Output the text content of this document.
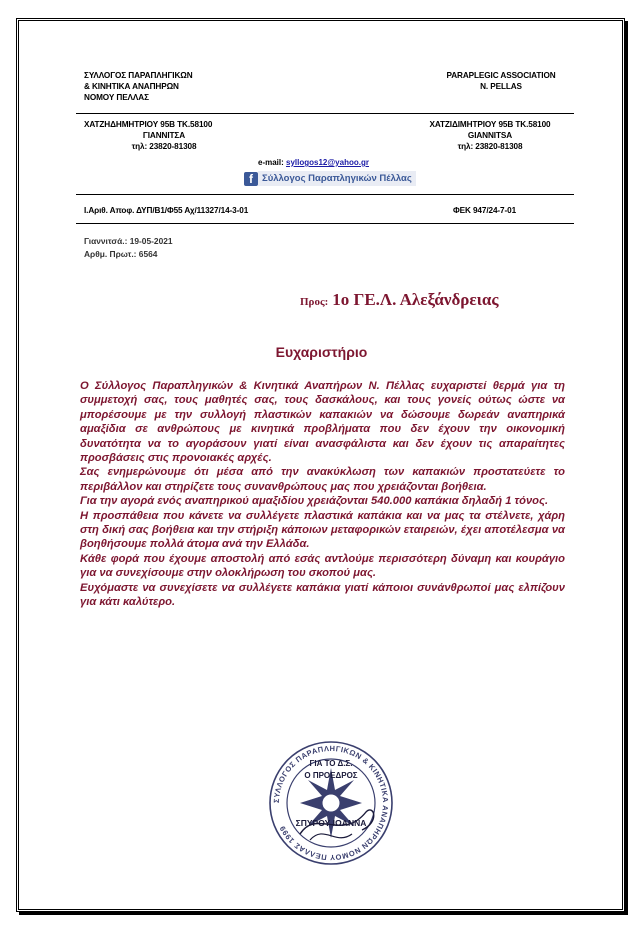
ΣΥΛΛΟΓΟΣ ΠΑΡΑΠΛΗΓΙΚΩΝ
& ΚΙΝΗΤΙΚΑ ΑΝΑΠΗΡΩΝ
ΝΟΜΟΥ ΠΕΛΛΑΣ
PARAPLEGIC ASSOCIATION
N. PELLAS
ΧΑΤΖΗΔΗΜΗΤΡΙΟΥ 95Β ΤΚ.58100
ΓΙΑΝΝΙΤΣΑ
τηλ: 23820-81308
ΧΑΤΖΙΔΙΜΗΤΡΙΟΥ 95Β ΤΚ.58100
GIANNITSA
τηλ: 23820-81308
e-mail: syllogos12@yahoo.gr
f Σύλλογος Παραπληγικών Πέλλας
Ι.Αριθ. Αποφ. ΔΥΠ/Β1/Φ55 Αχ/11327/14-3-01	ΦΕΚ 947/24-7-01
Γιαννιτσά.: 19-05-2021
Αρθμ. Πρωτ.: 6564
Προς: 1ο ΓΕ.Λ. Αλεξάνδρειας
Ευχαριστήριο

Ο Σύλλογος Παραπληγικών & Κινητικά Αναπήρων Ν. Πέλλας ευχαριστεί θερμά για τη συμμετοχή σας, τους μαθητές σας, τους δασκάλους, και τους γονείς ούτως ώστε να μπορέσουμε με την συλλογή πλαστικών καπακιών να δώσουμε δωρεάν αναπηρικά αμαξίδια σε ανθρώπους με κινητικά προβλήματα που δεν έχουν την οικονομική δυνατότητα να το αγοράσουν γιατί είναι ανασφάλιστα και δεν έχουν τις απαραίτητες προσβάσεις στις προνοιακές αρχές.

Σας ενημερώνουμε ότι μέσα από την ανακύκλωση των καπακιών προστατεύετε το περιβάλλον και στηρίζετε τους συνανθρώπους μας που χρειάζονται βοήθεια.

Για την αγορά ενός αναπηρικού αμαξιδίου χρειάζονται 540.000 καπάκια δηλαδή 1 τόνος.

Η προσπάθεια που κάνετε να συλλέγετε πλαστικά καπάκια και να μας τα στέλνετε, χάρη στη δική σας βοήθεια και την στήριξη κάποιων μεταφορικών εταιρειών, έχει αποτέλεσμα να βοηθήσουμε πολλά άτομα ανά την Ελλάδα.

Κάθε φορά που έχουμε αποστολή από εσάς αντλούμε περισσότερη δύναμη και κουράγιο για να συνεχίσουμε στην ολοκλήρωση του σκοπού μας.

Ευχόμαστε να συνεχίσετε να συλλέγετε καπάκια γιατί κάποιοι συνάνθρωποί μας ελπίζουν για κάτι καλύτερο.

ΣΥΛΛΟΓΟΣ ΠΑΡΑΠΛΗΓΙΚΩΝ & ΚΙΝΗΤΙΚΑ ΑΝΑΠΗΡΩΝ ΝΟΜΟΥ ΠΕΛΛΑΣ 1999
ΓΙΑ ΤΟ Δ.Σ.
Ο ΠΡΟΕΔΡΟΣ
ΣΠΥΡΟΥ ΙΩΑΝΝΑ
